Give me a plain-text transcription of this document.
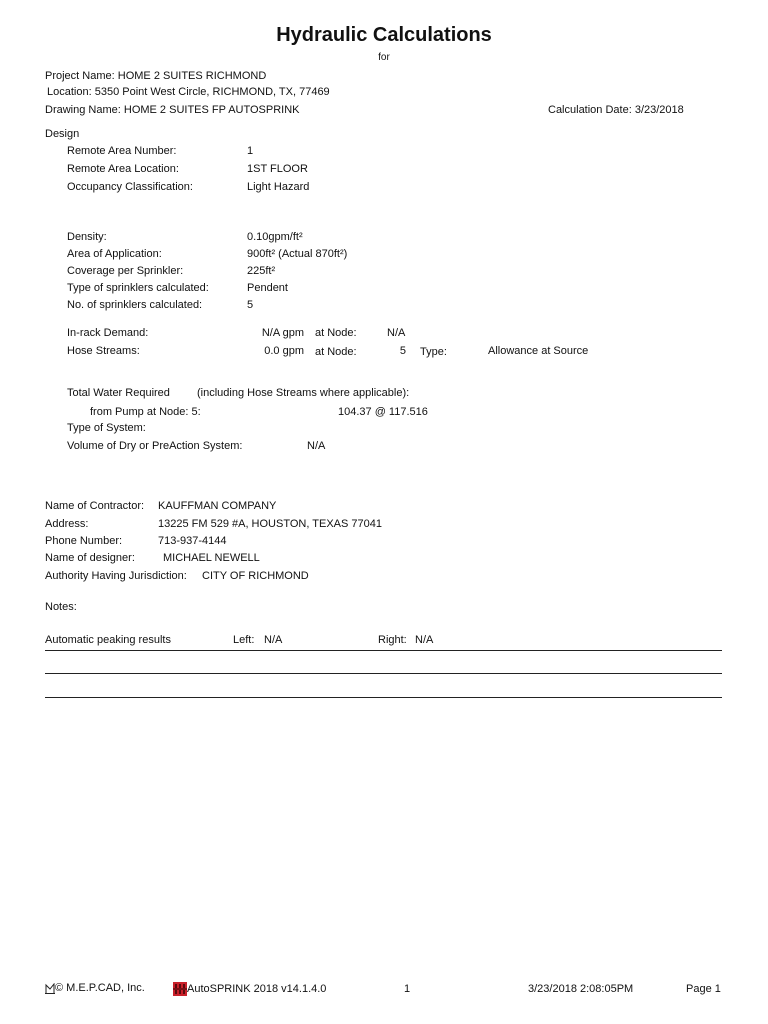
Hydraulic Calculations
for
Project Name: HOME 2 SUITES RICHMOND
Location: 5350 Point West Circle, RICHMOND, TX, 77469
Drawing Name: HOME 2 SUITES FP AUTOSPRINK	Calculation Date: 3/23/2018
Design
Remote Area Number:	1
Remote Area Location:	1ST FLOOR
Occupancy Classification:	Light Hazard
Density:	0.10gpm/ft²
Area of Application:	900ft² (Actual 870ft²)
Coverage per Sprinkler:	225ft²
Type of sprinklers calculated:	Pendent
No. of sprinklers calculated:	5
In-rack Demand:	N/A gpm at Node:	N/A
Hose Streams:	0.0 gpm at Node:	5 Type:	Allowance at Source
Total Water Required (including Hose Streams where applicable):
from Pump at Node: 5:	104.37 @ 117.516
Type of System:
Volume of Dry or PreAction System:	N/A
Name of Contractor: KAUFFMAN COMPANY
Address:	13225 FM 529 #A, HOUSTON, TEXAS 77041
Phone Number:	713-937-4144
Name of designer:	MICHAEL NEWELL
Authority Having Jurisdiction: CITY OF RICHMOND
Notes:
Automatic peaking results	Left: N/A	Right: N/A
© M.E.P.CAD, Inc.	AutoSPRINK 2018 v14.1.4.0	1	3/23/2018 2:08:05PM	Page 1
